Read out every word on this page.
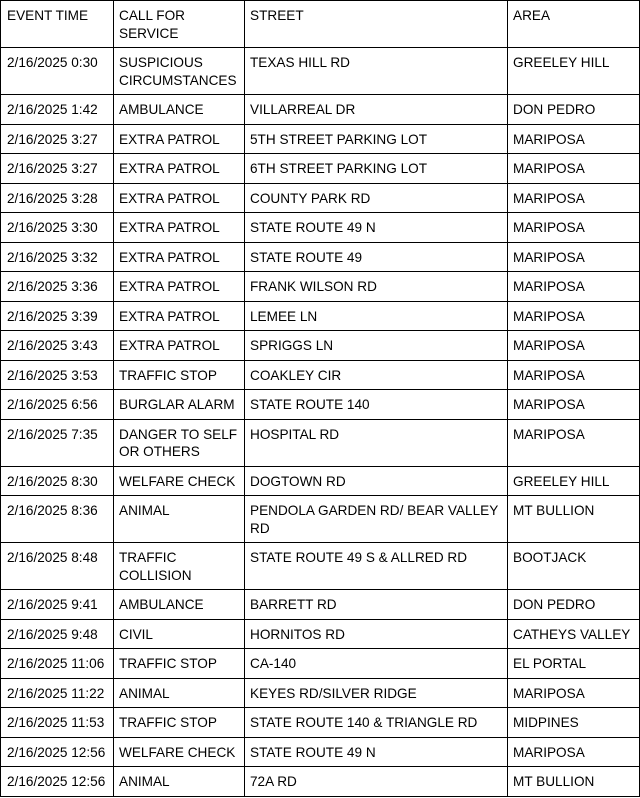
EVENT TIME	CALL FOR SERVICE	STREET	AREA
2/16/2025 0:30	SUSPICIOUS CIRCUMSTANCES	TEXAS HILL RD	GREELEY HILL
2/16/2025 1:42	AMBULANCE	VILLARREAL DR	DON PEDRO
2/16/2025 3:27	EXTRA PATROL	5TH STREET PARKING LOT	MARIPOSA
2/16/2025 3:27	EXTRA PATROL	6TH STREET PARKING LOT	MARIPOSA
2/16/2025 3:28	EXTRA PATROL	COUNTY PARK RD	MARIPOSA
2/16/2025 3:30	EXTRA PATROL	STATE ROUTE 49 N	MARIPOSA
2/16/2025 3:32	EXTRA PATROL	STATE ROUTE 49	MARIPOSA
2/16/2025 3:36	EXTRA PATROL	FRANK WILSON RD	MARIPOSA
2/16/2025 3:39	EXTRA PATROL	LEMEE LN	MARIPOSA
2/16/2025 3:43	EXTRA PATROL	SPRIGGS LN	MARIPOSA
2/16/2025 3:53	TRAFFIC STOP	COAKLEY CIR	MARIPOSA
2/16/2025 6:56	BURGLAR ALARM	STATE ROUTE 140	MARIPOSA
2/16/2025 7:35	DANGER TO SELF OR OTHERS	HOSPITAL RD	MARIPOSA
2/16/2025 8:30	WELFARE CHECK	DOGTOWN RD	GREELEY HILL
2/16/2025 8:36	ANIMAL	PENDOLA GARDEN RD/ BEAR VALLEY RD	MT BULLION
2/16/2025 8:48	TRAFFIC COLLISION	STATE ROUTE 49 S & ALLRED RD	BOOTJACK
2/16/2025 9:41	AMBULANCE	BARRETT RD	DON PEDRO
2/16/2025 9:48	CIVIL	HORNITOS RD	CATHEYS VALLEY
2/16/2025 11:06	TRAFFIC STOP	CA-140	EL PORTAL
2/16/2025 11:22	ANIMAL	KEYES RD/SILVER RIDGE	MARIPOSA
2/16/2025 11:53	TRAFFIC STOP	STATE ROUTE 140 & TRIANGLE RD	MIDPINES
2/16/2025 12:56	WELFARE CHECK	STATE ROUTE 49 N	MARIPOSA
2/16/2025 12:56	ANIMAL	72A RD	MT BULLION
